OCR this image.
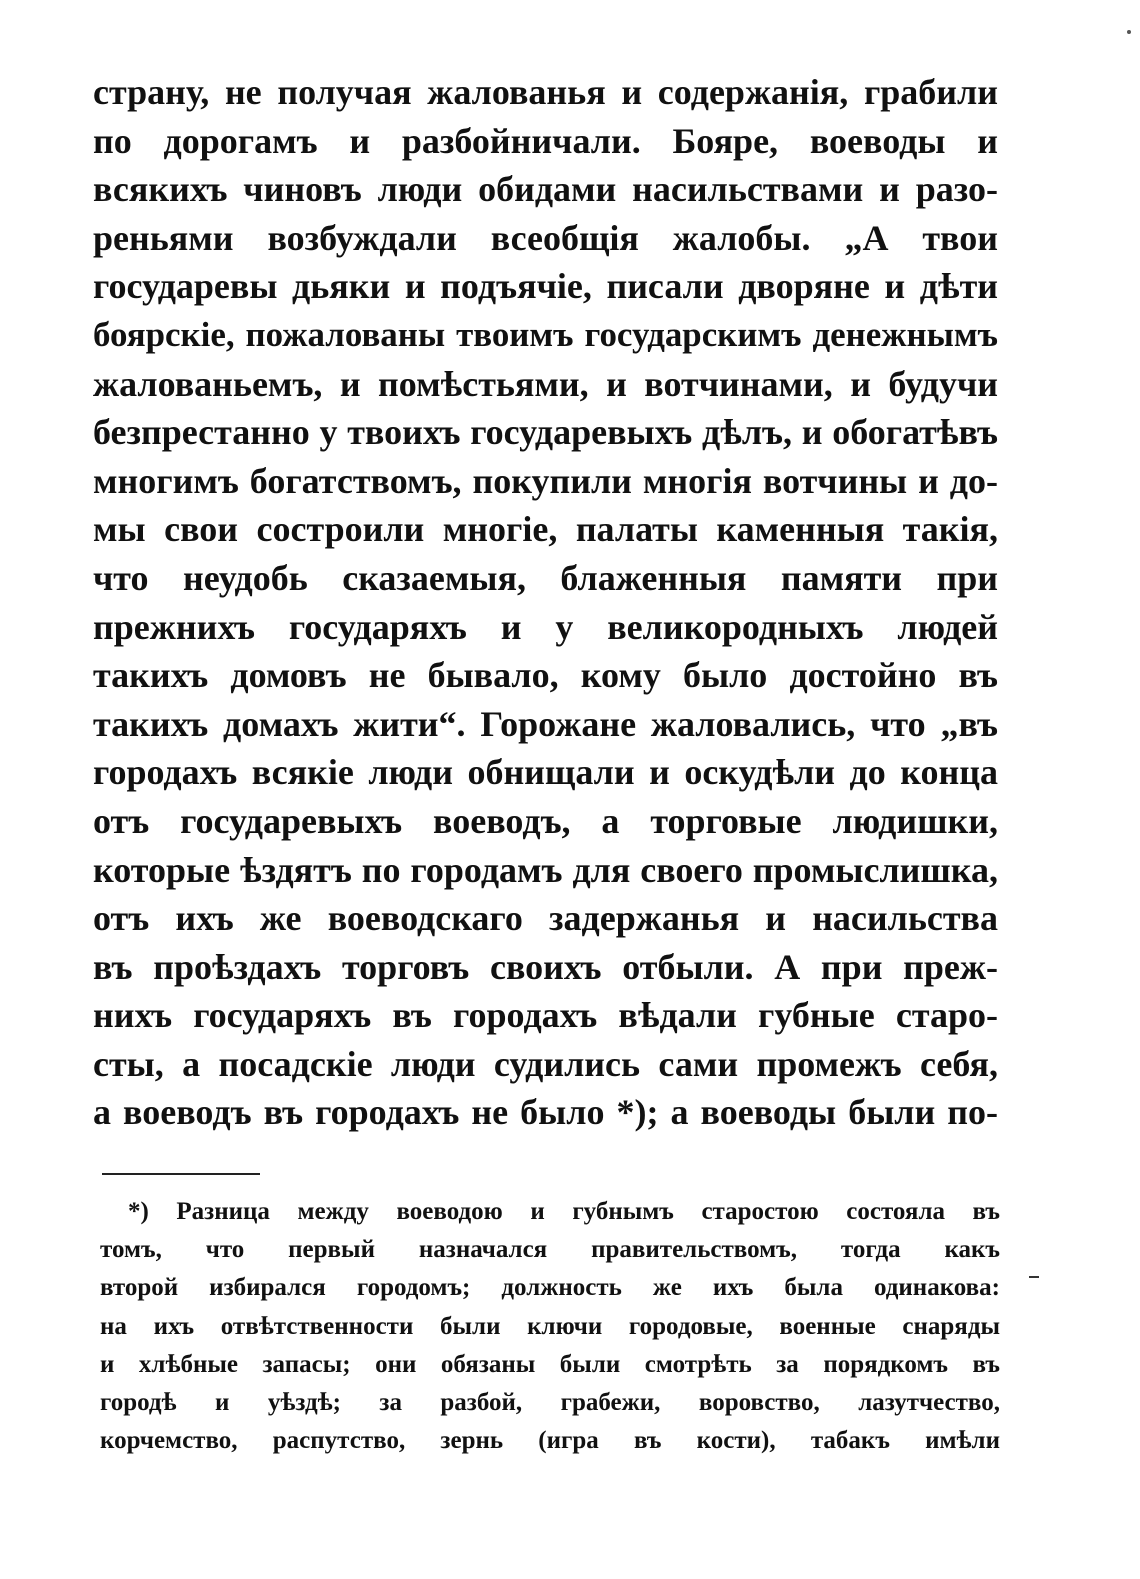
страну, не получая жалованья и содержанія, грабили
по дорогамъ и разбойничали. Бояре, воеводы и
всякихъ чиновъ люди обидами насильствами и разо-
реньями возбуждали всеобщія жалобы. „А твои
государевы дьяки и подъячіе, писали дворяне и дѣти
боярскіе, пожалованы твоимъ государскимъ денежнымъ
жалованьемъ, и помѣстьями, и вотчинами, и будучи
безпрестанно у твоихъ государевыхъ дѣлъ, и обогатѣвъ
многимъ богатствомъ, покупили многія вотчины и до-
мы свои состроили многіе, палаты каменныя такія,
что неудобь сказаемыя, блаженныя памяти при
прежнихъ государяхъ и у великородныхъ людей
такихъ домовъ не бывало, кому было достойно въ
такихъ домахъ жити“. Горожане жаловались, что „въ
городахъ всякіе люди обнищали и оскудѣли до конца
отъ государевыхъ воеводъ, а торговые людишки,
которые ѣздятъ по городамъ для своего промыслишка,
отъ ихъ же воеводскаго задержанья и насильства
въ проѣздахъ торговъ своихъ отбыли. А при преж-
нихъ государяхъ въ городахъ вѣдали губные старо-
сты, а посадскіе люди судились сами промежъ себя,
а воеводъ въ городахъ не было *); а воеводы были по-
*) Разница между воеводою и губнымъ старостою состояла въ
томъ, что первый назначался правительствомъ, тогда какъ
второй избирался городомъ; должность же ихъ была одинакова:
на ихъ отвѣтственности были ключи городовые, военные снаряды
и хлѣбные запасы; они обязаны были смотрѣть за порядкомъ въ
городѣ и уѣздѣ; за разбой, грабежи, воровство, лазутчество,
корчемство, распутство, зернь (игра въ кости), табакъ имѣли
